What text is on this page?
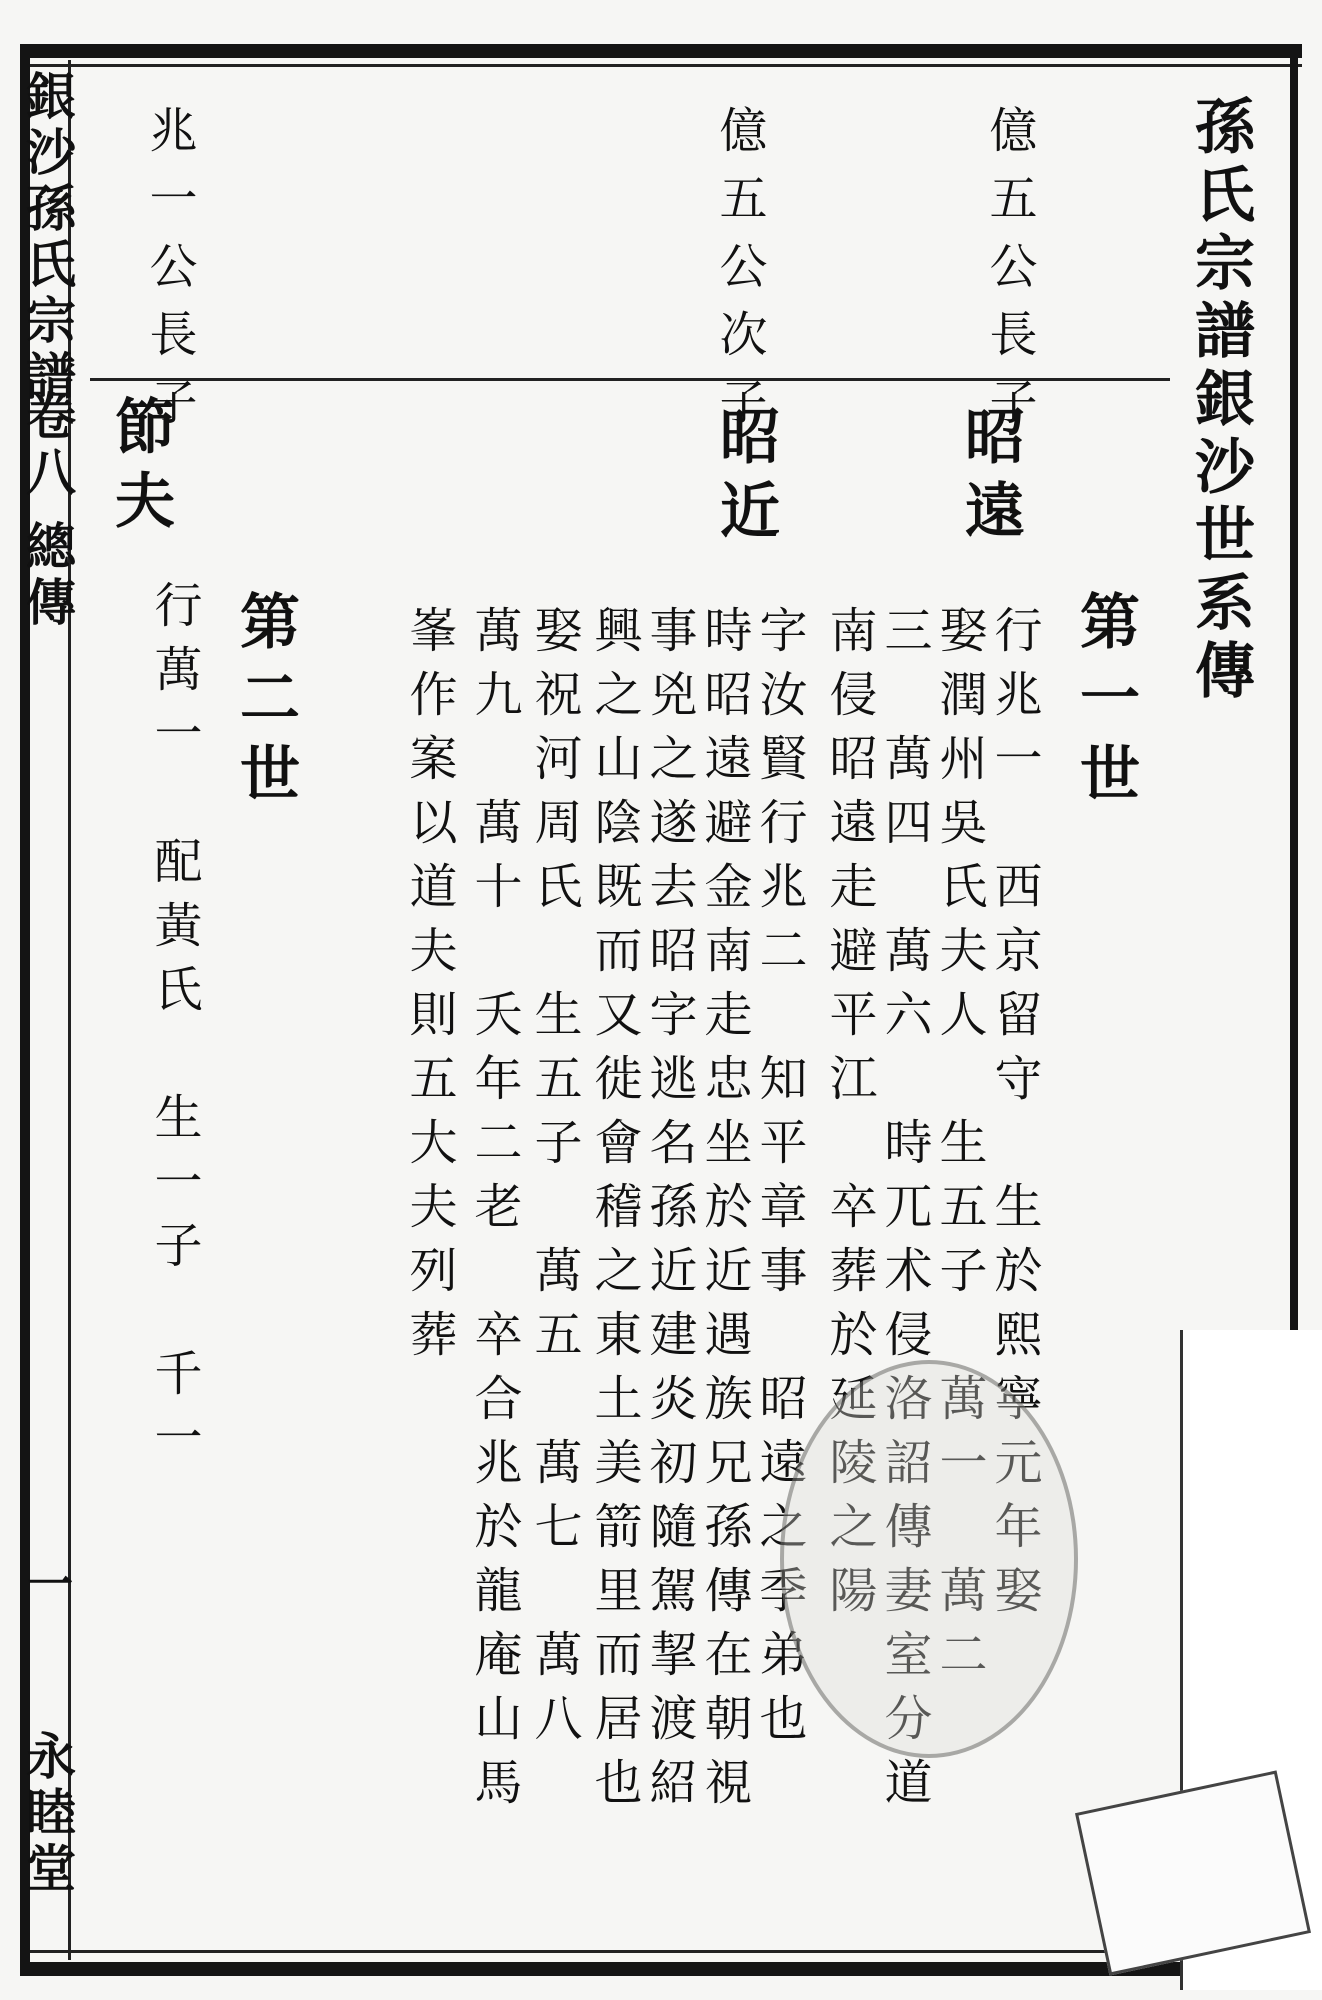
孫氏宗譜銀沙世系傳
億五公長子
億五公次子
兆一公長子
第一世
昭遠
行兆一　西京留守　生於熙寧元年娶
娶潤州吳氏夫人　生五子　萬一　萬二
三　萬四　萬六　時兀术侵洛詔傳妻室分道
南侵昭遠走避平江　卒葬於延陵之陽
昭近
字汝賢行兆二　知平章事　昭遠之季弟也
時昭遠避金南走忠坐於近遇族兄孫傳在朝視
事兇之遂去昭字逃名孫近建炎初隨駕挈渡紹
興之山陰既而又徙會稽之東土美箭里而居也
娶祝河周氏　生五子　萬五　萬七　萬八
萬九　萬十　夭年二老　卒合兆於龍庵山馬
峯作案以道夫則五大夫列葬
第二世
節夫
行萬一　配黃氏　生一子　千一
銀沙孫氏宗譜
卷八
總傳
一
永睦堂
